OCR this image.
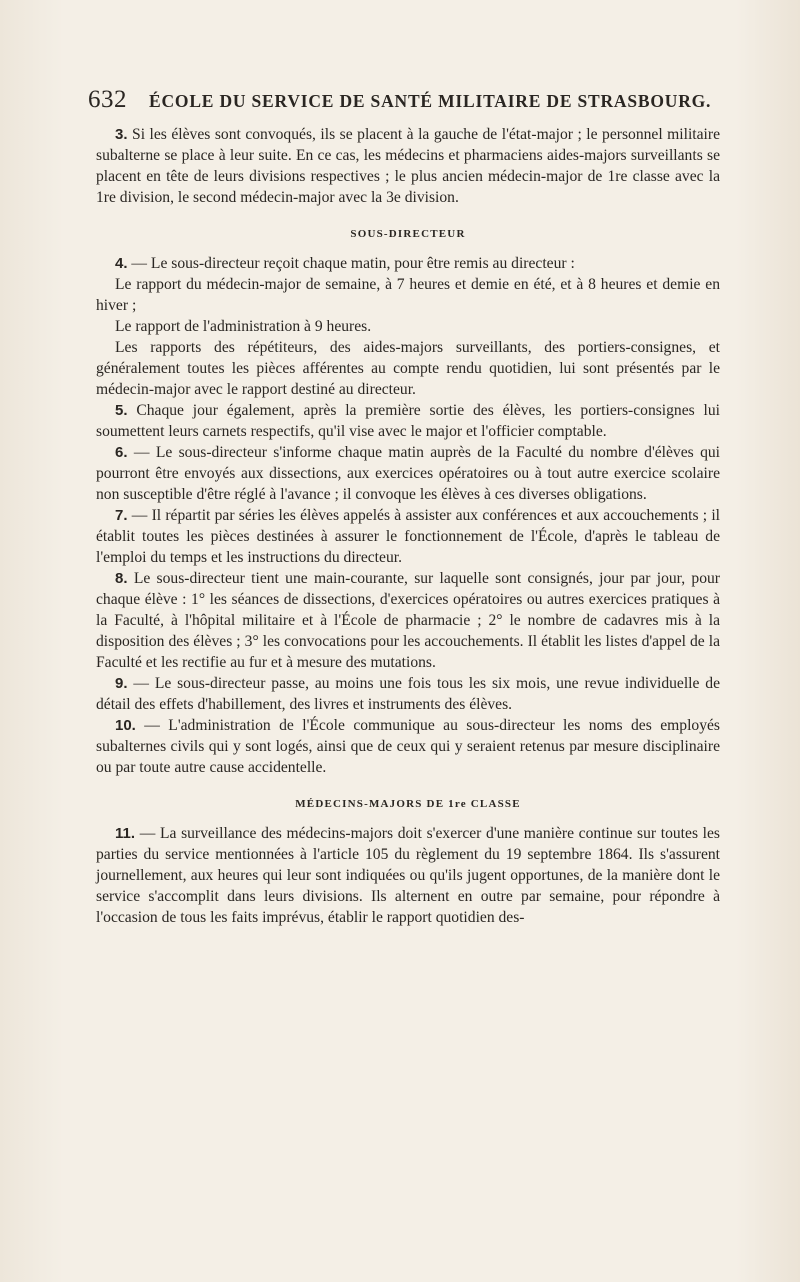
632 ÉCOLE DU SERVICE DE SANTÉ MILITAIRE DE STRASBOURG.

3. Si les élèves sont convoqués, ils se placent à la gauche de l'état-major ; le personnel militaire subalterne se place à leur suite. En ce cas, les médecins et pharmaciens aides-majors surveillants se placent en tête de leurs divisions respectives ; le plus ancien médecin-major de 1re classe avec la 1re division, le second médecin-major avec la 3e division.

SOUS-DIRECTEUR

4. — Le sous-directeur reçoit chaque matin, pour être remis au directeur :

Le rapport du médecin-major de semaine, à 7 heures et demie en été, et à 8 heures et demie en hiver ;

Le rapport de l'administration à 9 heures.

Les rapports des répétiteurs, des aides-majors surveillants, des portiers-consignes, et généralement toutes les pièces afférentes au compte rendu quotidien, lui sont présentés par le médecin-major avec le rapport destiné au directeur.

5. Chaque jour également, après la première sortie des élèves, les portiers-consignes lui soumettent leurs carnets respectifs, qu'il vise avec le major et l'officier comptable.

6. — Le sous-directeur s'informe chaque matin auprès de la Faculté du nombre d'élèves qui pourront être envoyés aux dissections, aux exercices opératoires ou à tout autre exercice scolaire non susceptible d'être réglé à l'avance ; il convoque les élèves à ces diverses obligations.

7. — Il répartit par séries les élèves appelés à assister aux conférences et aux accouchements ; il établit toutes les pièces destinées à assurer le fonctionnement de l'École, d'après le tableau de l'emploi du temps et les instructions du directeur.

8. Le sous-directeur tient une main-courante, sur laquelle sont consignés, jour par jour, pour chaque élève : 1° les séances de dissections, d'exercices opératoires ou autres exercices pratiques à la Faculté, à l'hôpital militaire et à l'École de pharmacie ; 2° le nombre de cadavres mis à la disposition des élèves ; 3° les convocations pour les accouchements. Il établit les listes d'appel de la Faculté et les rectifie au fur et à mesure des mutations.

9. — Le sous-directeur passe, au moins une fois tous les six mois, une revue individuelle de détail des effets d'habillement, des livres et instruments des élèves.

10. — L'administration de l'École communique au sous-directeur les noms des employés subalternes civils qui y sont logés, ainsi que de ceux qui y seraient retenus par mesure disciplinaire ou par toute autre cause accidentelle.

MÉDECINS-MAJORS DE 1re CLASSE

11. — La surveillance des médecins-majors doit s'exercer d'une manière continue sur toutes les parties du service mentionnées à l'article 105 du règlement du 19 septembre 1864. Ils s'assurent journellement, aux heures qui leur sont indiquées ou qu'ils jugent opportunes, de la manière dont le service s'accomplit dans leurs divisions. Ils alternent en outre par semaine, pour répondre à l'occasion de tous les faits imprévus, établir le rapport quotidien des-
